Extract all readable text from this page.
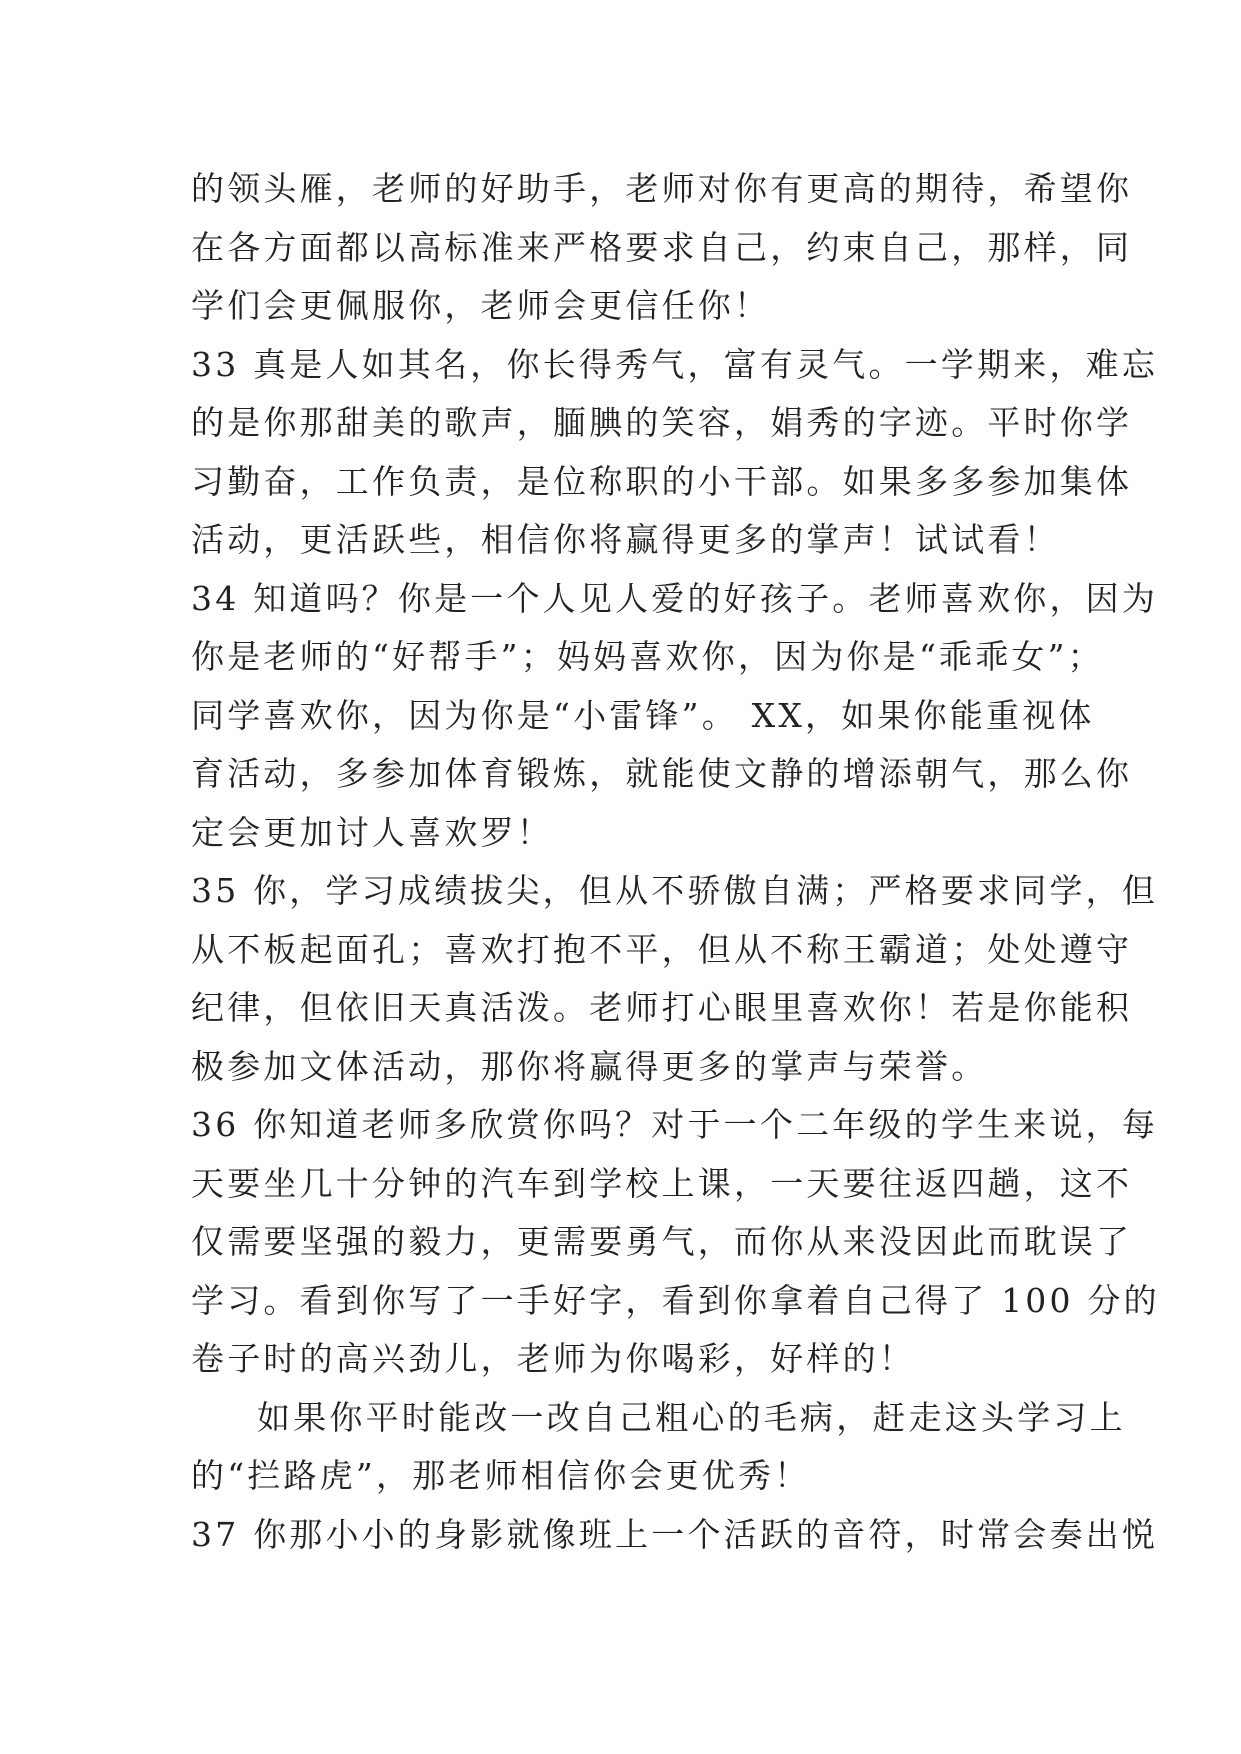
的领头雁，老师的好助手，老师对你有更高的期待，希望你
在各方面都以高标准来严格要求自己，约束自己，那样，同
学们会更佩服你，老师会更信任你！
33 真是人如其名，你长得秀气，富有灵气。一学期来，难忘
的是你那甜美的歌声，腼腆的笑容，娟秀的字迹。平时你学
习勤奋，工作负责，是位称职的小干部。如果多多参加集体
活动，更活跃些，相信你将赢得更多的掌声！试试看！
34 知道吗？你是一个人见人爱的好孩子。老师喜欢你，因为
你是老师的“好帮手”；妈妈喜欢你，因为你是“乖乖女”；
同学喜欢你，因为你是“小雷锋”。 XX，如果你能重视体
育活动，多参加体育锻炼，就能使文静的增添朝气，那么你
定会更加讨人喜欢罗！
35 你，学习成绩拔尖，但从不骄傲自满；严格要求同学，但
从不板起面孔；喜欢打抱不平，但从不称王霸道；处处遵守
纪律，但依旧天真活泼。老师打心眼里喜欢你！若是你能积
极参加文体活动，那你将赢得更多的掌声与荣誉。
36 你知道老师多欣赏你吗？对于一个二年级的学生来说，每
天要坐几十分钟的汽车到学校上课，一天要往返四趟，这不
仅需要坚强的毅力，更需要勇气，而你从来没因此而耽误了
学习。看到你写了一手好字，看到你拿着自己得了 100 分的
卷子时的高兴劲儿，老师为你喝彩，好样的！
如果你平时能改一改自己粗心的毛病，赶走这头学习上
的“拦路虎”，那老师相信你会更优秀！
37 你那小小的身影就像班上一个活跃的音符，时常会奏出悦
